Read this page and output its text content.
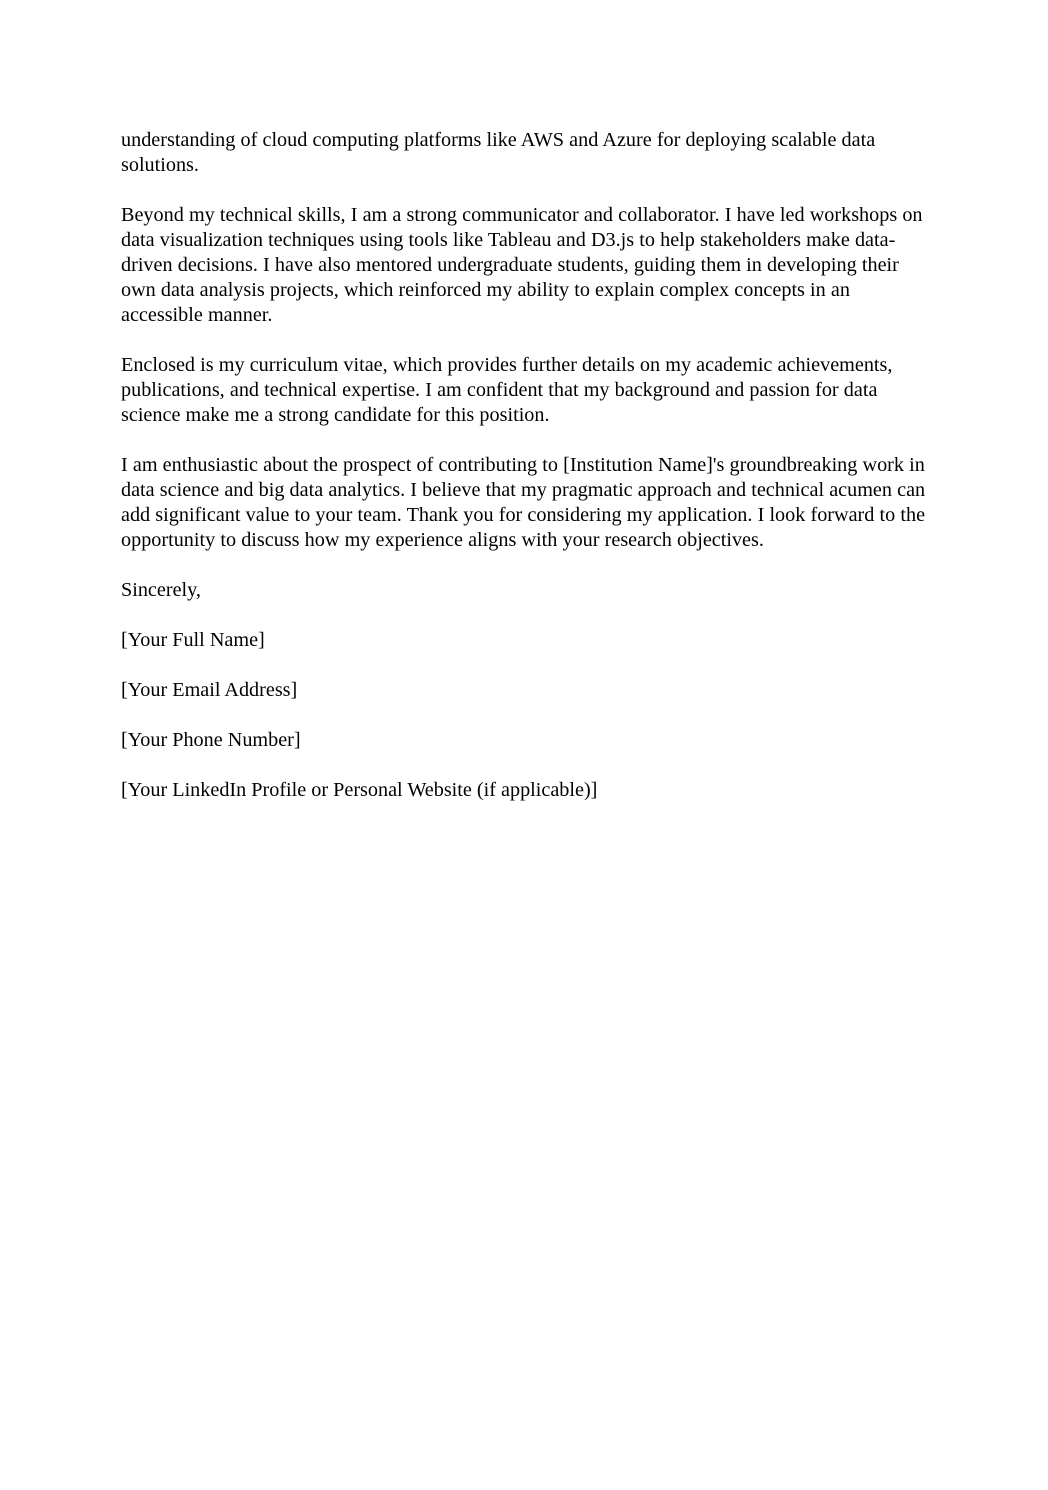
understanding of cloud computing platforms like AWS and Azure for deploying scalable data solutions.

Beyond my technical skills, I am a strong communicator and collaborator. I have led workshops on data visualization techniques using tools like Tableau and D3.js to help stakeholders make data-driven decisions. I have also mentored undergraduate students, guiding them in developing their own data analysis projects, which reinforced my ability to explain complex concepts in an accessible manner.

Enclosed is my curriculum vitae, which provides further details on my academic achievements, publications, and technical expertise. I am confident that my background and passion for data science make me a strong candidate for this position.

I am enthusiastic about the prospect of contributing to [Institution Name]'s groundbreaking work in data science and big data analytics. I believe that my pragmatic approach and technical acumen can add significant value to your team. Thank you for considering my application. I look forward to the opportunity to discuss how my experience aligns with your research objectives.

Sincerely,

[Your Full Name]

[Your Email Address]

[Your Phone Number]

[Your LinkedIn Profile or Personal Website (if applicable)]
